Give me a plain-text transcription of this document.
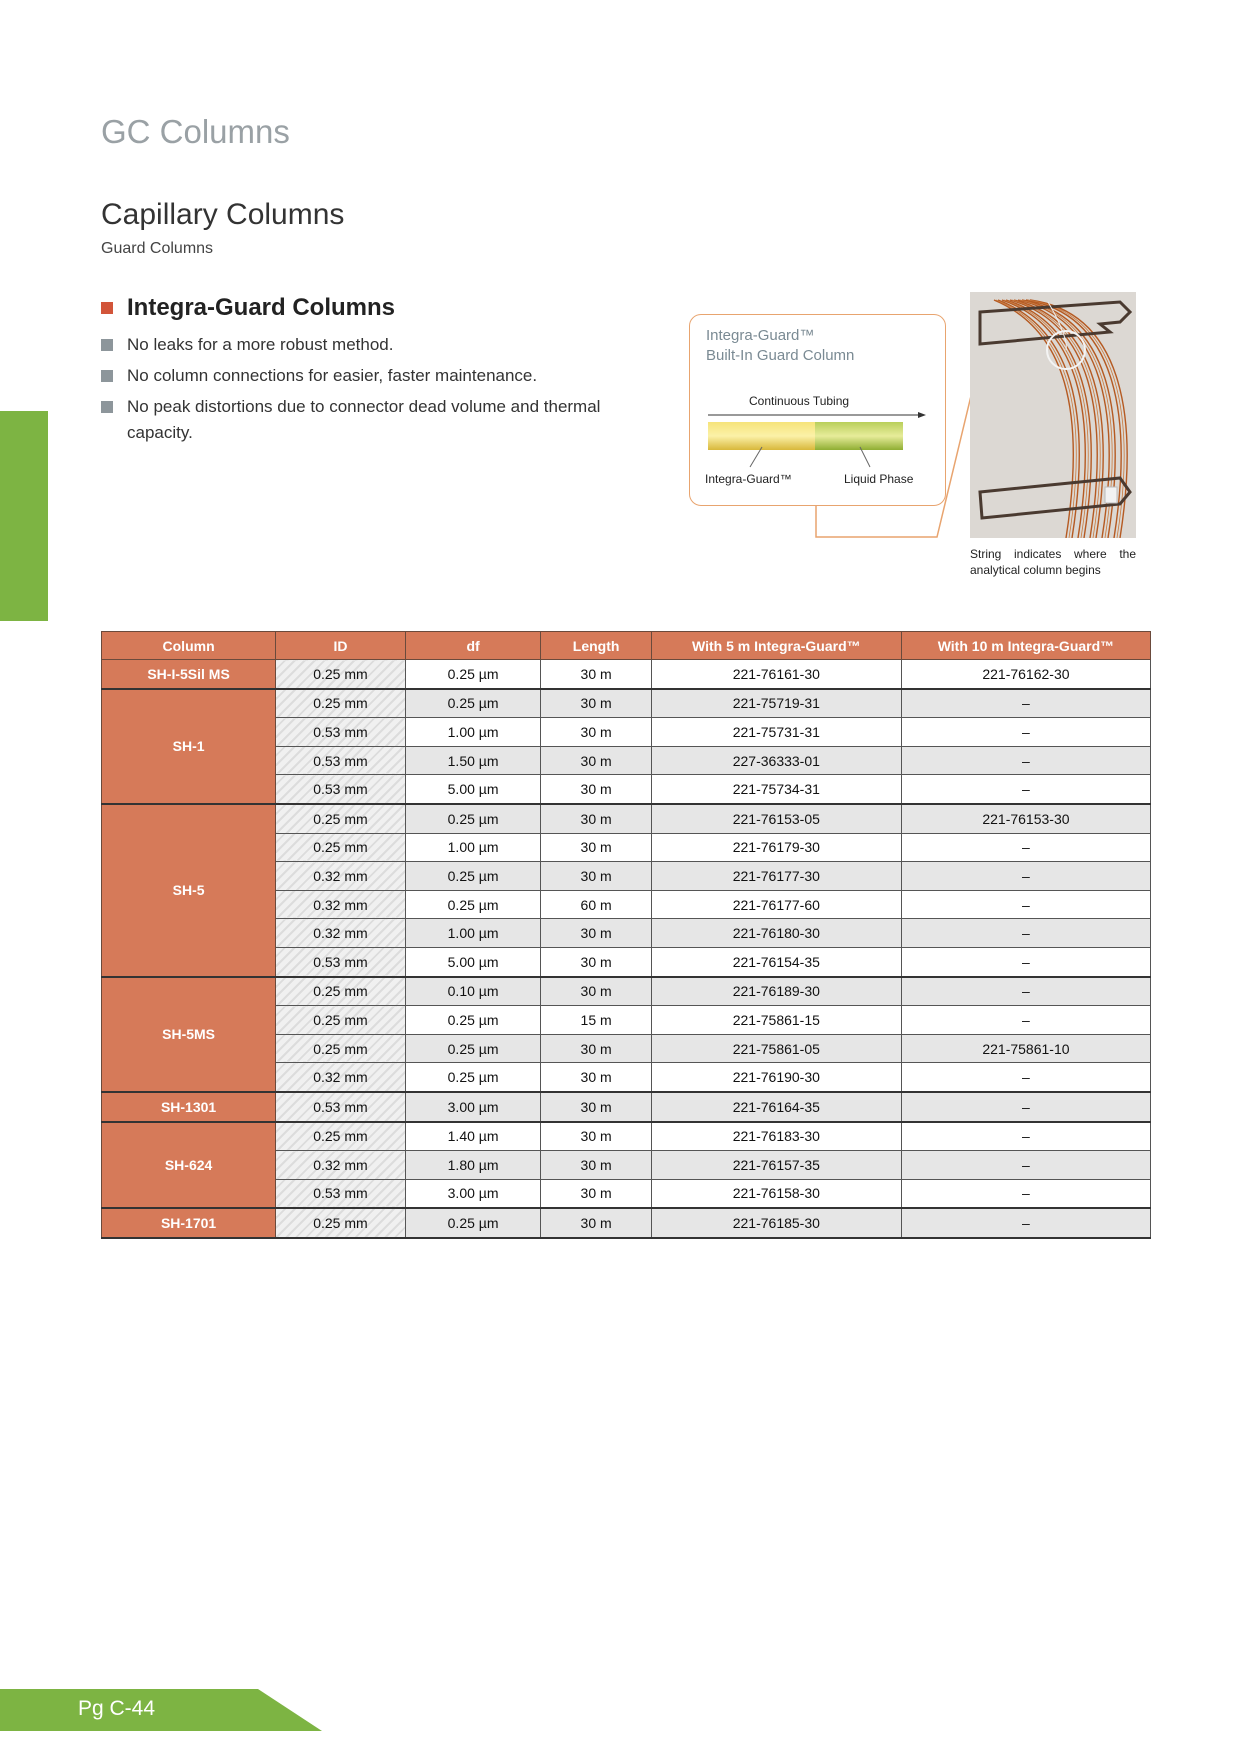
GC Columns
Capillary Columns
Guard Columns
Integra-Guard Columns
No leaks for a more robust method.
No column connections for easier, faster maintenance.
No peak distortions due to connector dead volume and thermal capacity.
Integra-Guard™
Built-In Guard Column
Continuous Tubing
Integra-Guard™	Liquid Phase
String indicates where the analytical column begins
Column	ID	df	Length	With 5 m Integra-Guard™	With 10 m Integra-Guard™
SH-I-5Sil MS	0.25 mm	0.25 µm	30 m	221-76161-30	221-76162-30
SH-1	0.25 mm	0.25 µm	30 m	221-75719-31	–
	0.53 mm	1.00 µm	30 m	221-75731-31	–
	0.53 mm	1.50 µm	30 m	227-36333-01	–
	0.53 mm	5.00 µm	30 m	221-75734-31	–
SH-5	0.25 mm	0.25 µm	30 m	221-76153-05	221-76153-30
	0.25 mm	1.00 µm	30 m	221-76179-30	–
	0.32 mm	0.25 µm	30 m	221-76177-30	–
	0.32 mm	0.25 µm	60 m	221-76177-60	–
	0.32 mm	1.00 µm	30 m	221-76180-30	–
	0.53 mm	5.00 µm	30 m	221-76154-35	–
SH-5MS	0.25 mm	0.10 µm	30 m	221-76189-30	–
	0.25 mm	0.25 µm	15 m	221-75861-15	–
	0.25 mm	0.25 µm	30 m	221-75861-05	221-75861-10
	0.32 mm	0.25 µm	30 m	221-76190-30	–
SH-1301	0.53 mm	3.00 µm	30 m	221-76164-35	–
SH-624	0.25 mm	1.40 µm	30 m	221-76183-30	–
	0.32 mm	1.80 µm	30 m	221-76157-35	–
	0.53 mm	3.00 µm	30 m	221-76158-30	–
SH-1701	0.25 mm	0.25 µm	30 m	221-76185-30	–
Pg C-44
